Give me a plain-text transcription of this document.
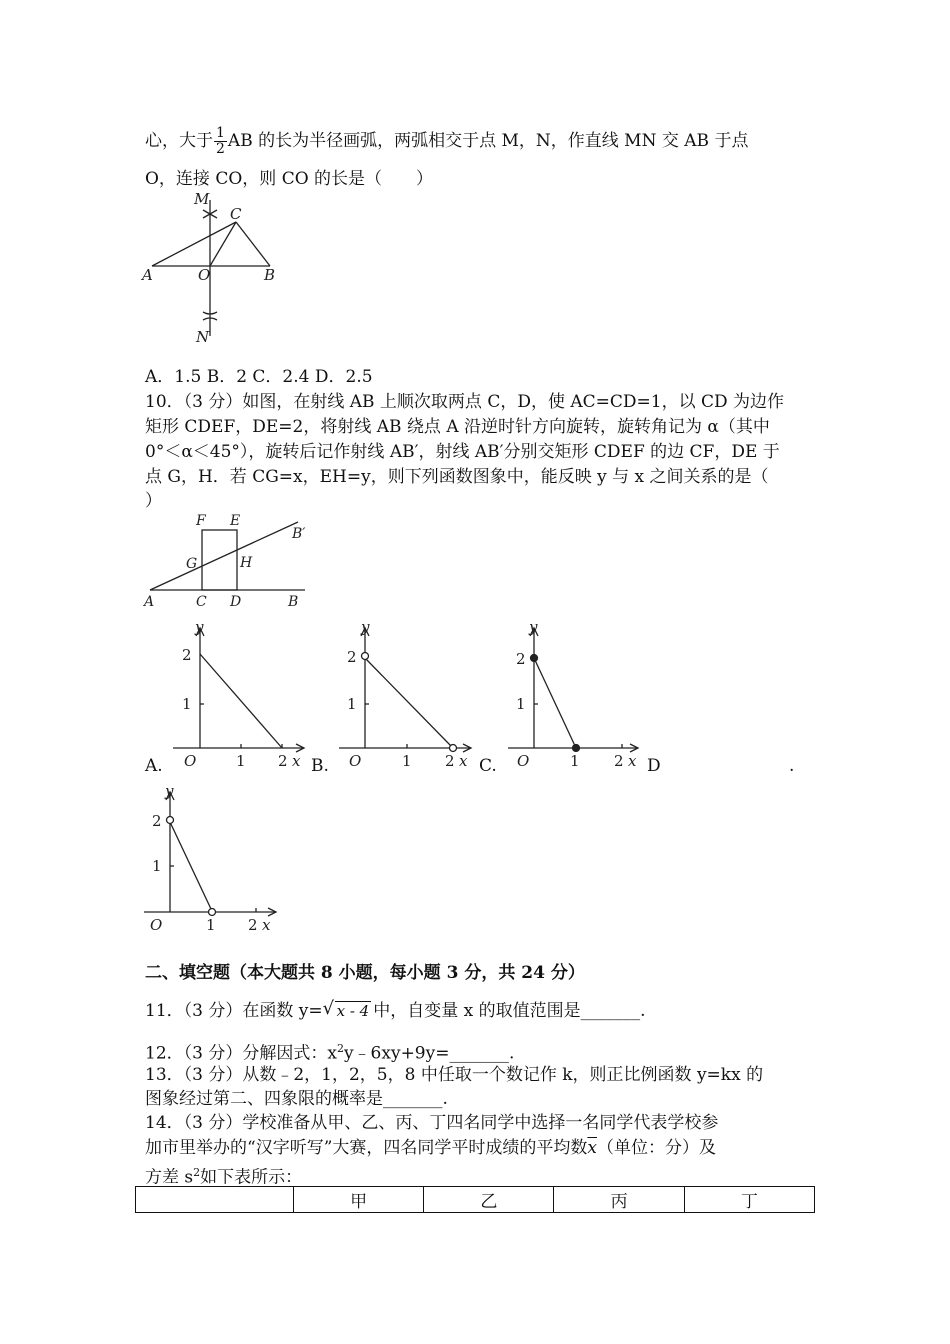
心，大于 $\frac{1}{2}$ AB 的长为半径画弧，两弧相交于点 M，N，作直线 MN 交 AB 于点
O，连接 CO，则 CO 的长是（　　）
M
C
A	O	B
N
A．1.5 B．2 C．2.4 D．2.5
10．（3 分）如图，在射线 AB 上顺次取两点 C，D，使 AC=CD=1，以 CD 为边作
矩形 CDEF，DE=2，将射线 AB 绕点 A 沿逆时针方向旋转，旋转角记为 α（其中
0°＜α＜45°），旋转后记作射线 AB′，射线 AB′分别交矩形 CDEF 的边 CF，DE 于
点 G，H．若 CG=x，EH=y，则下列函数图象中，能反映 y 与 x 之间关系的是（
）
F E
B′
G	H
A	C D	B
y
2
1
O	1 2 x
A.
y
2
1
O	1 2 x
B.
y
2
1
O	1 2 x
C.	D	.
y
2
1
O	1 2 x
二、填空题（本大题共 8 小题，每小题 3 分，共 24 分）
11．（3 分）在函数 y= √ x - 4 中，自变量 x 的取值范围是_______.
12．（3 分）分解因式：$x^2y﹣6xy+9y=\_\_\_\_\_\_\_$.
13．（3 分）从数﹣2，1，2，5，8 中任取一个数记作 k，则正比例函数 y=kx 的
图象经过第二、四象限的概率是_______.
14．（3 分）学校准备从甲、乙、丙、丁四名同学中选择一名同学代表学校参
加市里举办的“汉字听写”大赛，四名同学平时成绩的平均数$\overline{x}$（单位：分）及
方差 $s^2$如下表所示：
	甲	乙	丙	丁
